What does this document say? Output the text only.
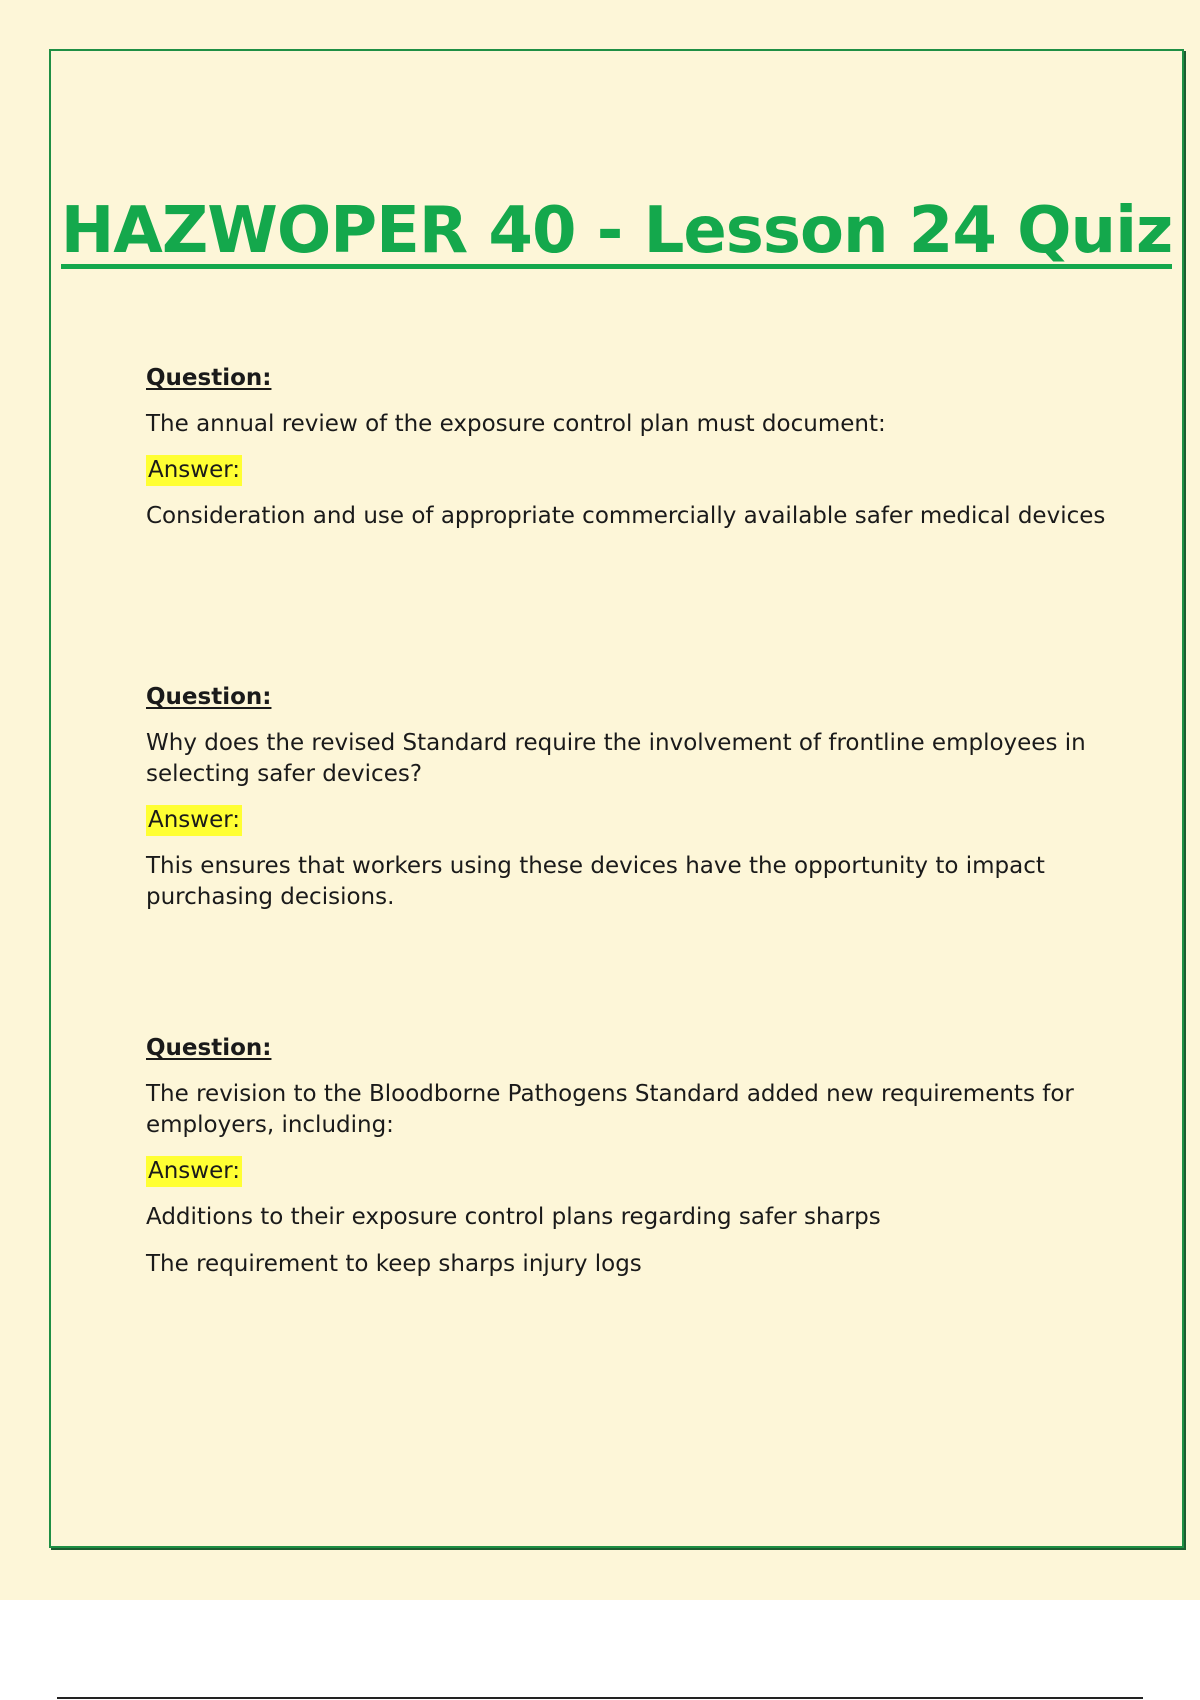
HAZWOPER 40 - Lesson 24 Quiz
Question:
The annual review of the exposure control plan must document:
Answer:
Consideration and use of appropriate commercially available safer medical devices
Question:
Why does the revised Standard require the involvement of frontline employees in selecting safer devices?
Answer:
This ensures that workers using these devices have the opportunity to impact purchasing decisions.
Question:
The revision to the Bloodborne Pathogens Standard added new requirements for employers, including:
Answer:
Additions to their exposure control plans regarding safer sharps
The requirement to keep sharps injury logs
